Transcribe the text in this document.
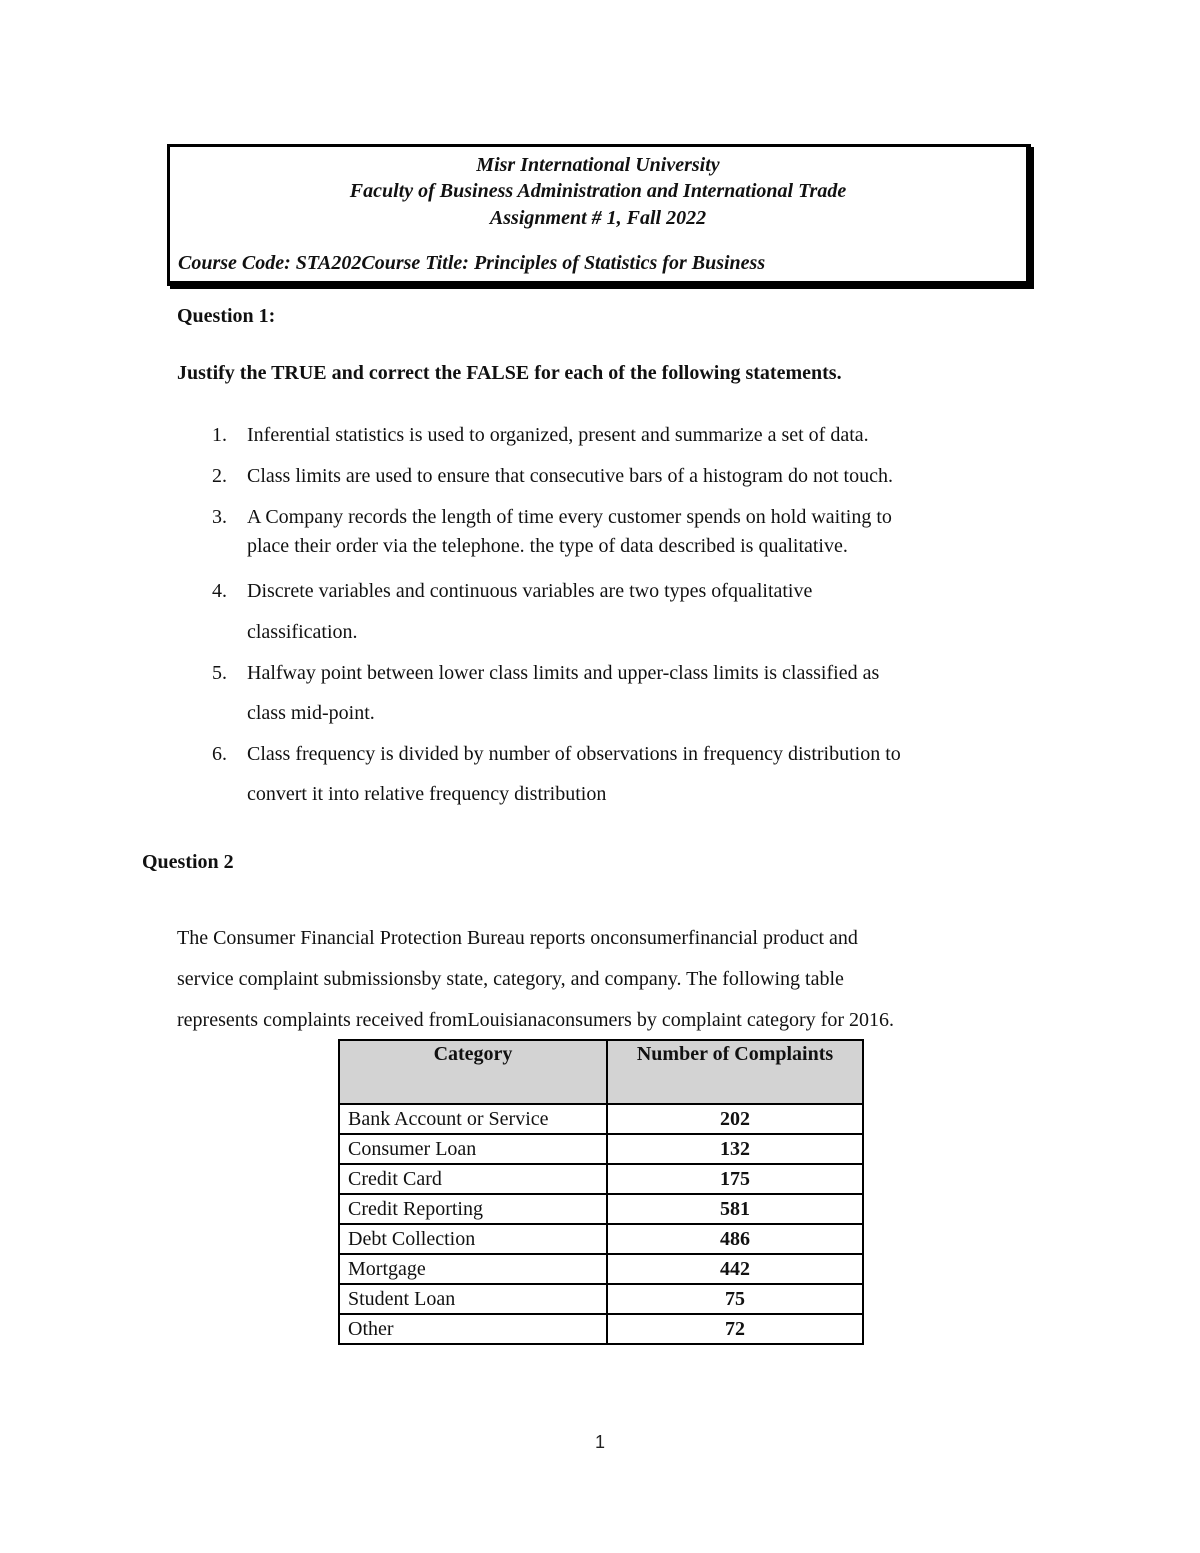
Misr International University
Faculty of Business Administration and International Trade
Assignment # 1, Fall 2022
Course Code: STA202Course Title: Principles of Statistics for Business
Question 1:
Justify the TRUE and correct the FALSE for each of the following statements.
1.	Inferential statistics is used to organized, present and summarize a set of data.
2.	Class limits are used to ensure that consecutive bars of a histogram do not touch.
3.	A Company records the length of time every customer spends on hold waiting to
place their order via the telephone. the type of data described is qualitative.
4.	Discrete variables and continuous variables are two types ofqualitative
classification.
5.	Halfway point between lower class limits and upper-class limits is classified as
class mid-point.
6.	Class frequency is divided by number of observations in frequency distribution to
convert it into relative frequency distribution
Question 2
The Consumer Financial Protection Bureau reports onconsumerfinancial product and
service complaint submissionsby state, category, and company. The following table
represents complaints received fromLouisianaconsumers by complaint category for 2016.
Category	Number of Complaints
Bank Account or Service	202
Consumer Loan	132
Credit Card	175
Credit Reporting	581
Debt Collection	486
Mortgage	442
Student Loan	75
Other	72
1
